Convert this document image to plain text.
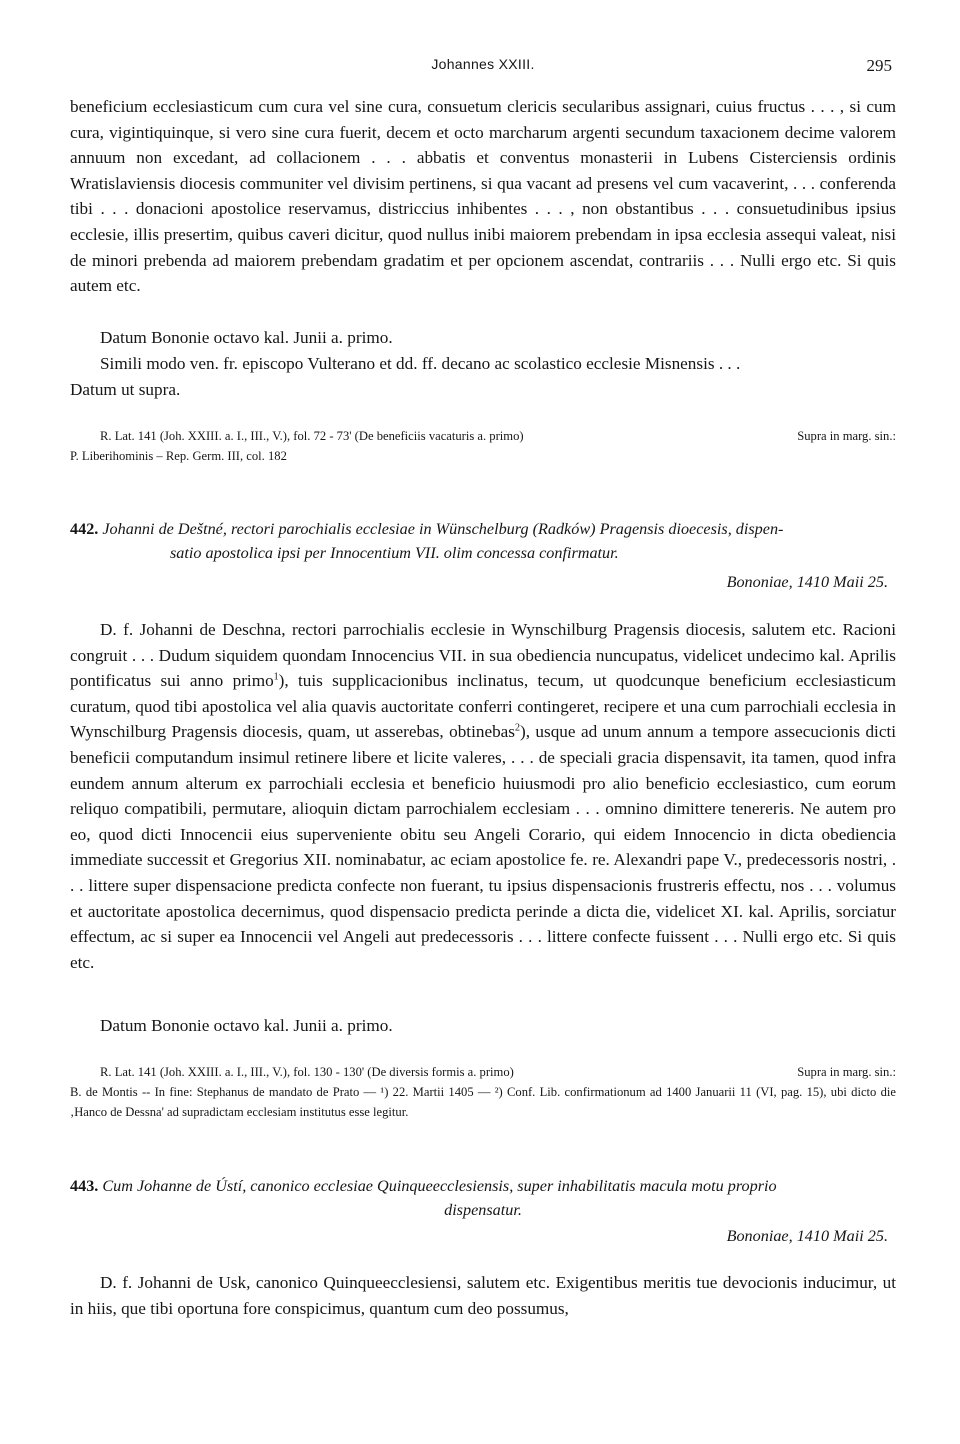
Johannes XXIII.	295

beneficium ecclesiasticum cum cura vel sine cura, consuetum clericis secularibus assignari, cuius fructus . . . , si cum cura, vigintiquinque, si vero sine cura fuerit, decem et octo marcharum argenti secundum taxacionem decime valorem annuum non excedant, ad collacionem . . . abbatis et conventus monasterii in Lubens Cisterciensis ordinis Wratislaviensis diocesis communiter vel divisim pertinens, si qua vacant ad presens vel cum vacaverint, . . . conferenda tibi . . . donacioni apostolice reservamus, districcius inhibentes . . . , non obstantibus . . . consuetudinibus ipsius ecclesie, illis presertim, quibus caveri dicitur, quod nullus inibi maiorem prebendam in ipsa ecclesia assequi valeat, nisi de minori prebenda ad maiorem prebendam gradatim et per opcionem ascendat, contrariis . . . Nulli ergo etc. Si quis autem etc.

Datum Bononie octavo kal. Junii a. primo.

Simili modo ven. fr. episcopo Vulterano et dd. ff. decano ac scolastico ecclesie Misnensis . . .

Datum ut supra.

R. Lat. 141 (Joh. XXIII. a. I., III., V.), fol. 72 - 73' (De beneficiis vacaturis a. primo)	Supra in marg. sin.:
P. Liberihominis – Rep. Germ. III, col. 182
442. Johanni de Deštné, rectori parochialis ecclesiae in Wünschelburg (Radków) Pragensis dioecesis, dispen-
satio apostolica ipsi per Innocentium VII. olim concessa confirmatur.

Bononiae, 1410 Maii 25.

D. f. Johanni de Deschna, rectori parrochialis ecclesie in Wynschilburg Pragensis diocesis, salutem etc. Racioni congruit . . . Dudum siquidem quondam Innocencius VII. in sua obediencia nuncupatus, videlicet undecimo kal. Aprilis pontificatus sui anno primo$^1$), tuis supplicacionibus inclinatus, tecum, ut quodcunque beneficium ecclesiasticum curatum, quod tibi apostolica vel alia quavis auctoritate conferri contingeret, recipere et una cum parrochiali ecclesia in Wynschilburg Pragensis diocesis, quam, ut asserebas, obtinebas$^2$), usque ad unum annum a tempore assecucionis dicti beneficii computandum insimul retinere libere et licite valeres, . . . de speciali gracia dispensavit, ita tamen, quod infra eundem annum alterum ex parrochiali ecclesia et beneficio huiusmodi pro alio beneficio ecclesiastico, cum eorum reliquo compatibili, permutare, alioquin dictam parrochialem ecclesiam . . . omnino dimittere tenereris. Ne autem pro eo, quod dicti Innocencii eius superveniente obitu seu Angeli Corario, qui eidem Innocencio in dicta obediencia immediate successit et Gregorius XII. nominabatur, ac eciam apostolice fe. re. Alexandri pape V., predecessoris nostri, . . . littere super dispensacione predicta confecte non fuerant, tu ipsius dispensacionis frustreris effectu, nos . . . volumus et auctoritate apostolica decernimus, quod dispensacio predicta perinde a dicta die, videlicet XI. kal. Aprilis, sorciatur effectum, ac si super ea Innocencii vel Angeli aut predecessoris . . . littere confecte fuissent . . . Nulli ergo etc. Si quis etc.

Datum Bononie octavo kal. Junii a. primo.

R. Lat. 141 (Joh. XXIII. a. I., III., V.), fol. 130 - 130' (De diversis formis a. primo)	Supra in marg. sin.:
B. de Montis -- In fine: Stephanus de mandato de Prato — ¹) 22. Martii 1405 — ²) Conf. Lib. confirmationum ad 1400 Januarii 11 (VI, pag. 15), ubi dicto die ‚Hanco de Dessna' ad supradictam ecclesiam institutus esse legitur.
443. Cum Johanne de Ústí, canonico ecclesiae Quinqueecclesiensis, super inhabilitatis macula motu proprio
dispensatur.

Bononiae, 1410 Maii 25.

D. f. Johanni de Usk, canonico Quinqueecclesiensi, salutem etc. Exigentibus meritis tue devocionis inducimur, ut in hiis, que tibi oportuna fore conspicimus, quantum cum deo possumus,
